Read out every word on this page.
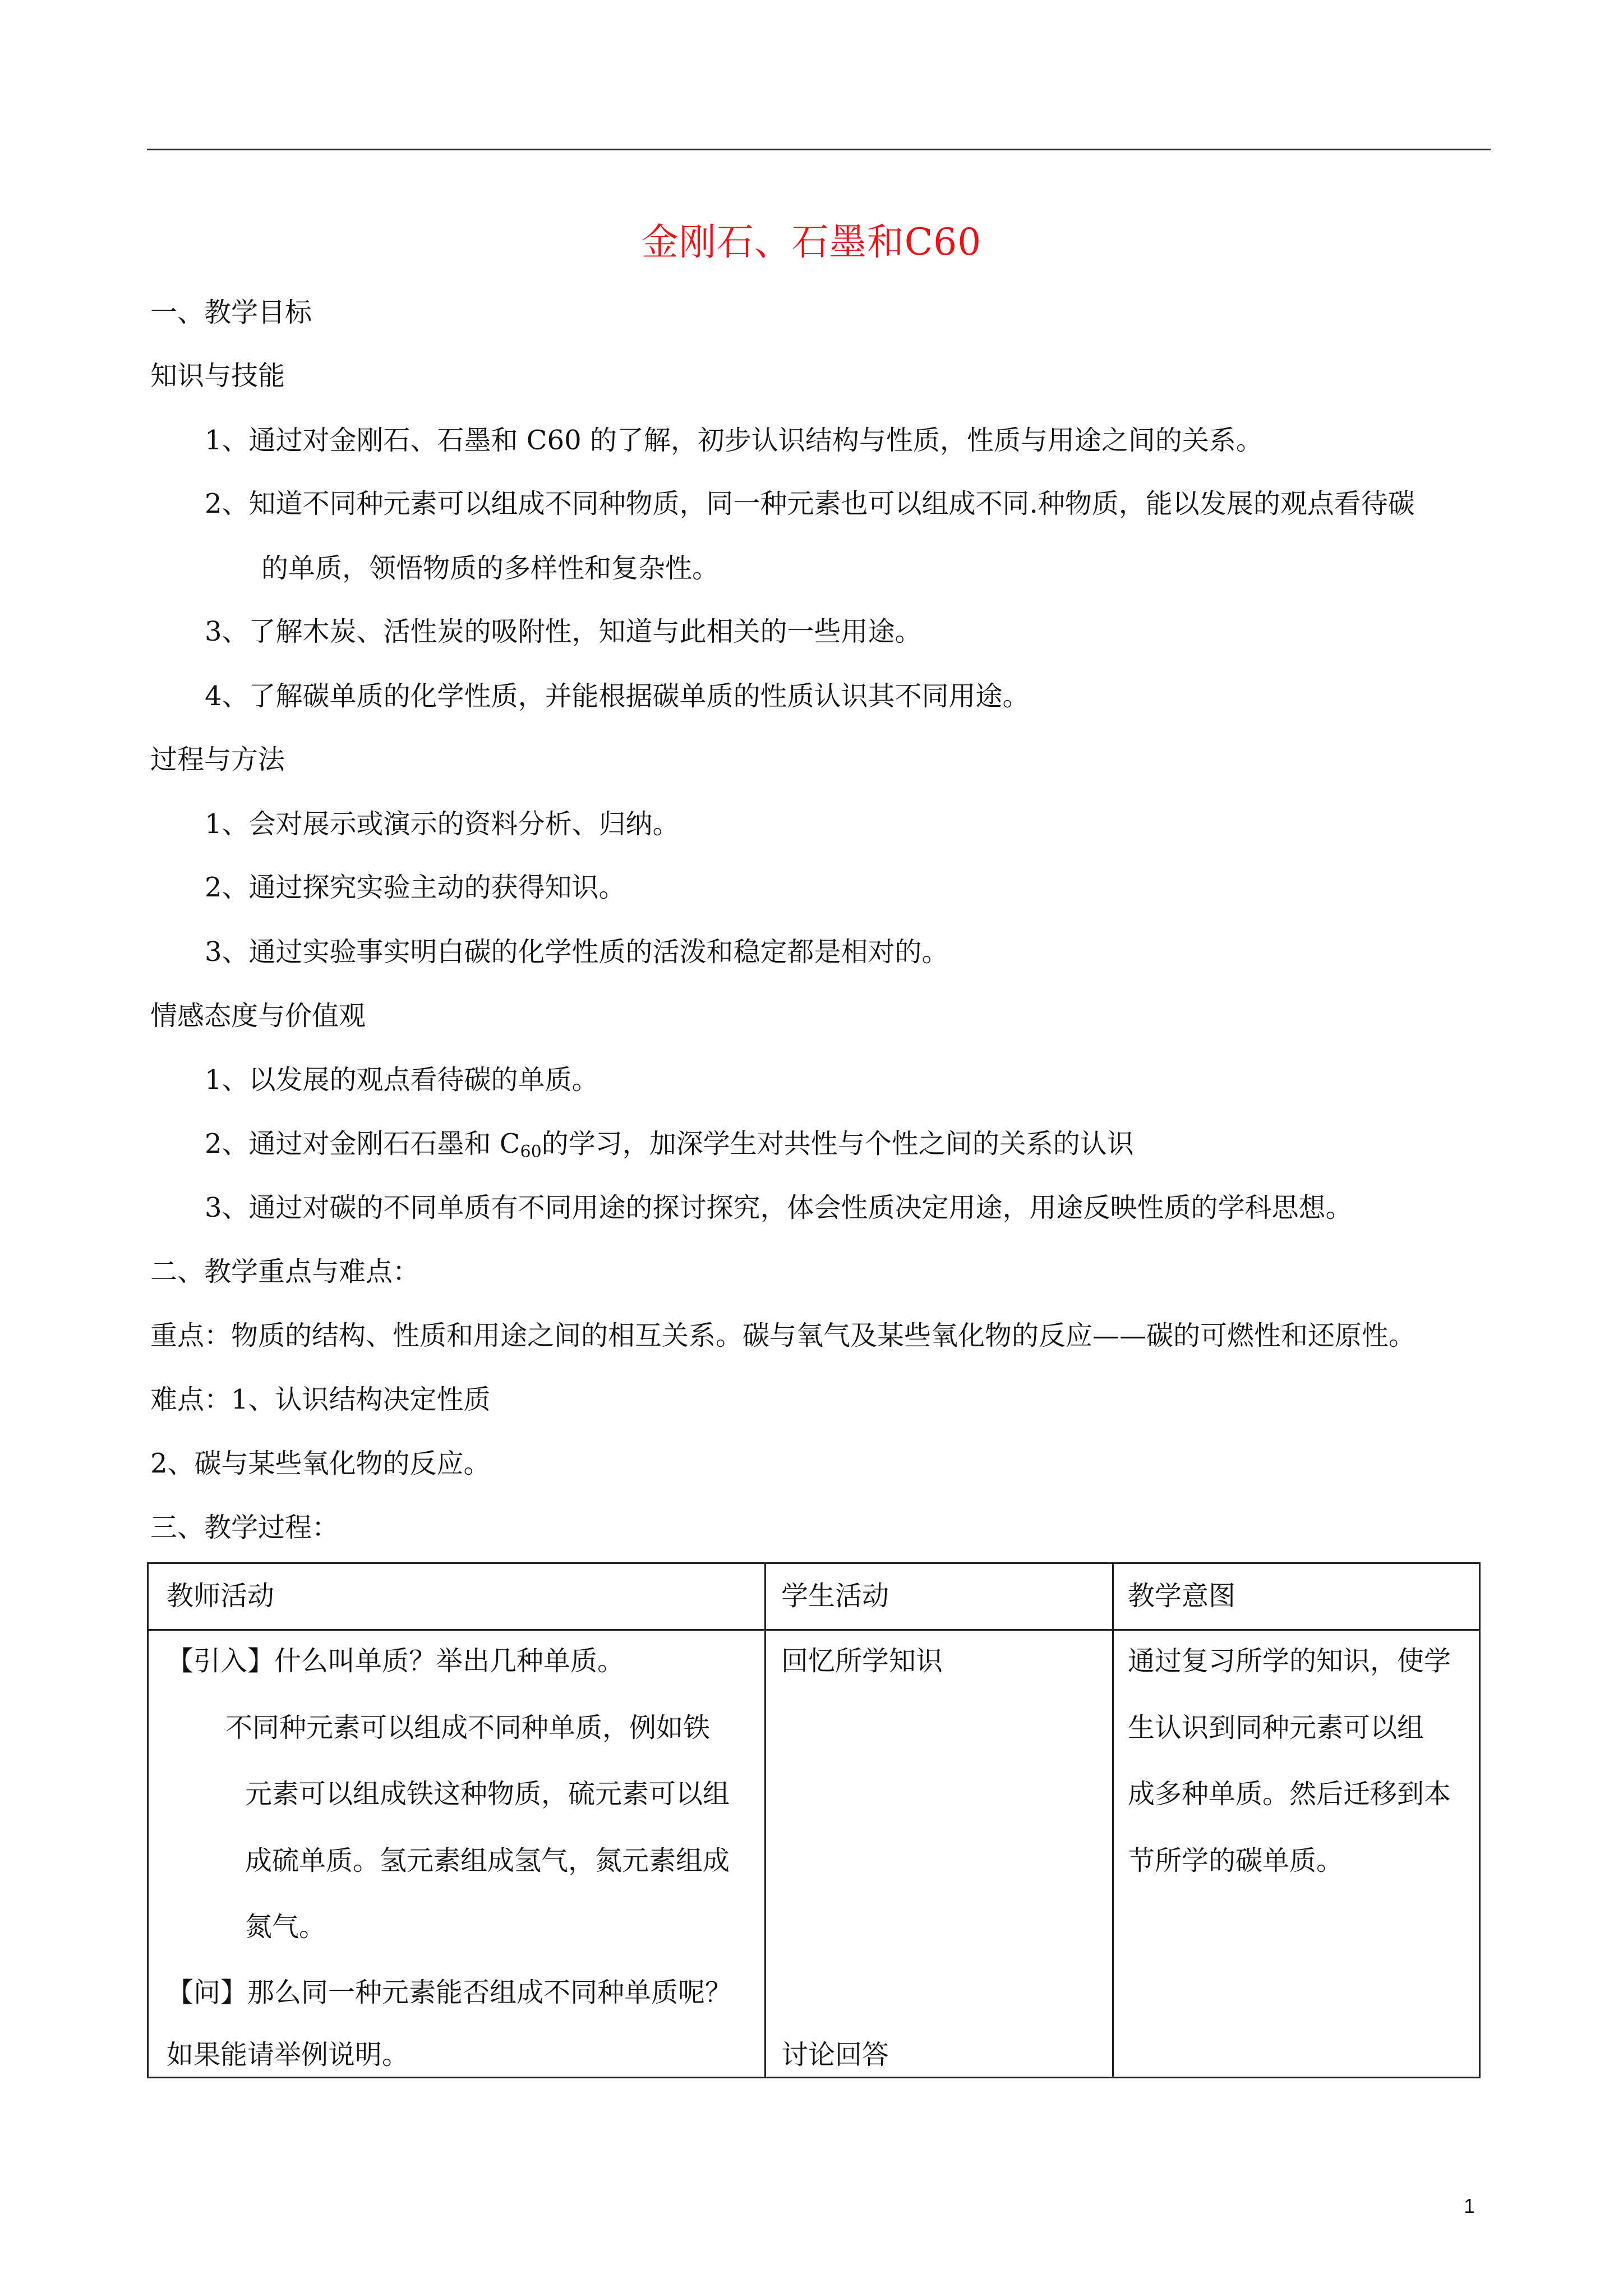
金刚石、石墨和C60
一、教学目标
知识与技能
1、通过对金刚石、石墨和 C60 的了解，初步认识结构与性质，性质与用途之间的关系。
2、知道不同种元素可以组成不同种物质，同一种元素也可以组成不同.种物质，能以发展的观点看待碳
的单质，领悟物质的多样性和复杂性。
3、了解木炭、活性炭的吸附性，知道与此相关的一些用途。
4、了解碳单质的化学性质，并能根据碳单质的性质认识其不同用途。
过程与方法
1、会对展示或演示的资料分析、归纳。
2、通过探究实验主动的获得知识。
3、通过实验事实明白碳的化学性质的活泼和稳定都是相对的。
情感态度与价值观
1、以发展的观点看待碳的单质。
2、通过对金刚石石墨和 $C_{60}$的学习，加深学生对共性与个性之间的关系的认识
3、通过对碳的不同单质有不同用途的探讨探究，体会性质决定用途，用途反映性质的学科思想。
二、教学重点与难点：
重点：物质的结构、性质和用途之间的相互关系。碳与氧气及某些氧化物的反应——碳的可燃性和还原性。
难点：1、认识结构决定性质
2、碳与某些氧化物的反应。
三、教学过程：
教师活动	学生活动	教学意图
【引入】什么叫单质？举出几种单质。
不同种元素可以组成不同种单质，例如铁
元素可以组成铁这种物质，硫元素可以组
成硫单质。氢元素组成氢气，氮元素组成
氮气。
【问】那么同一种元素能否组成不同种单质呢？
如果能请举例说明。
回忆所学知识
讨论回答
通过复习所学的知识，使学
生认识到同种元素可以组
成多种单质。然后迁移到本
节所学的碳单质。
1
